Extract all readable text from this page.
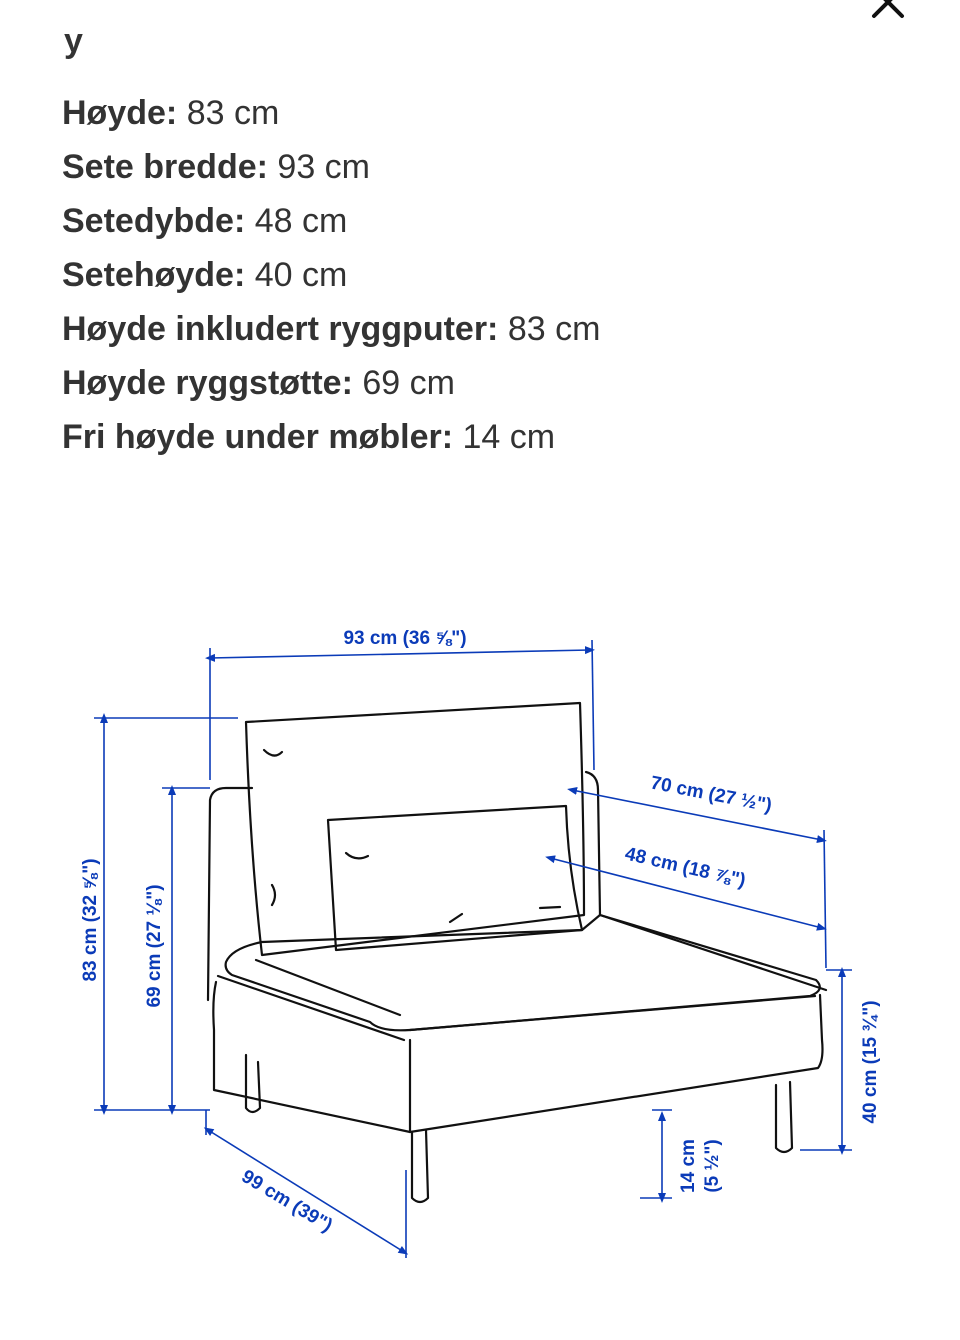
y
Høyde: 83 cm
Sete bredde: 93 cm
Setedybde: 48 cm
Setehøyde: 40 cm
Høyde inkludert ryggputer: 83 cm
Høyde ryggstøtte: 69 cm
Fri høyde under møbler: 14 cm
93 cm (36 ⅝")
83 cm (32 ⅝") 69 cm (27 ⅛")
70 cm (27 ½")
48 cm (18 ⅞")
40 cm (15 ¾")
14 cm (5 ½")
99 cm (39")
